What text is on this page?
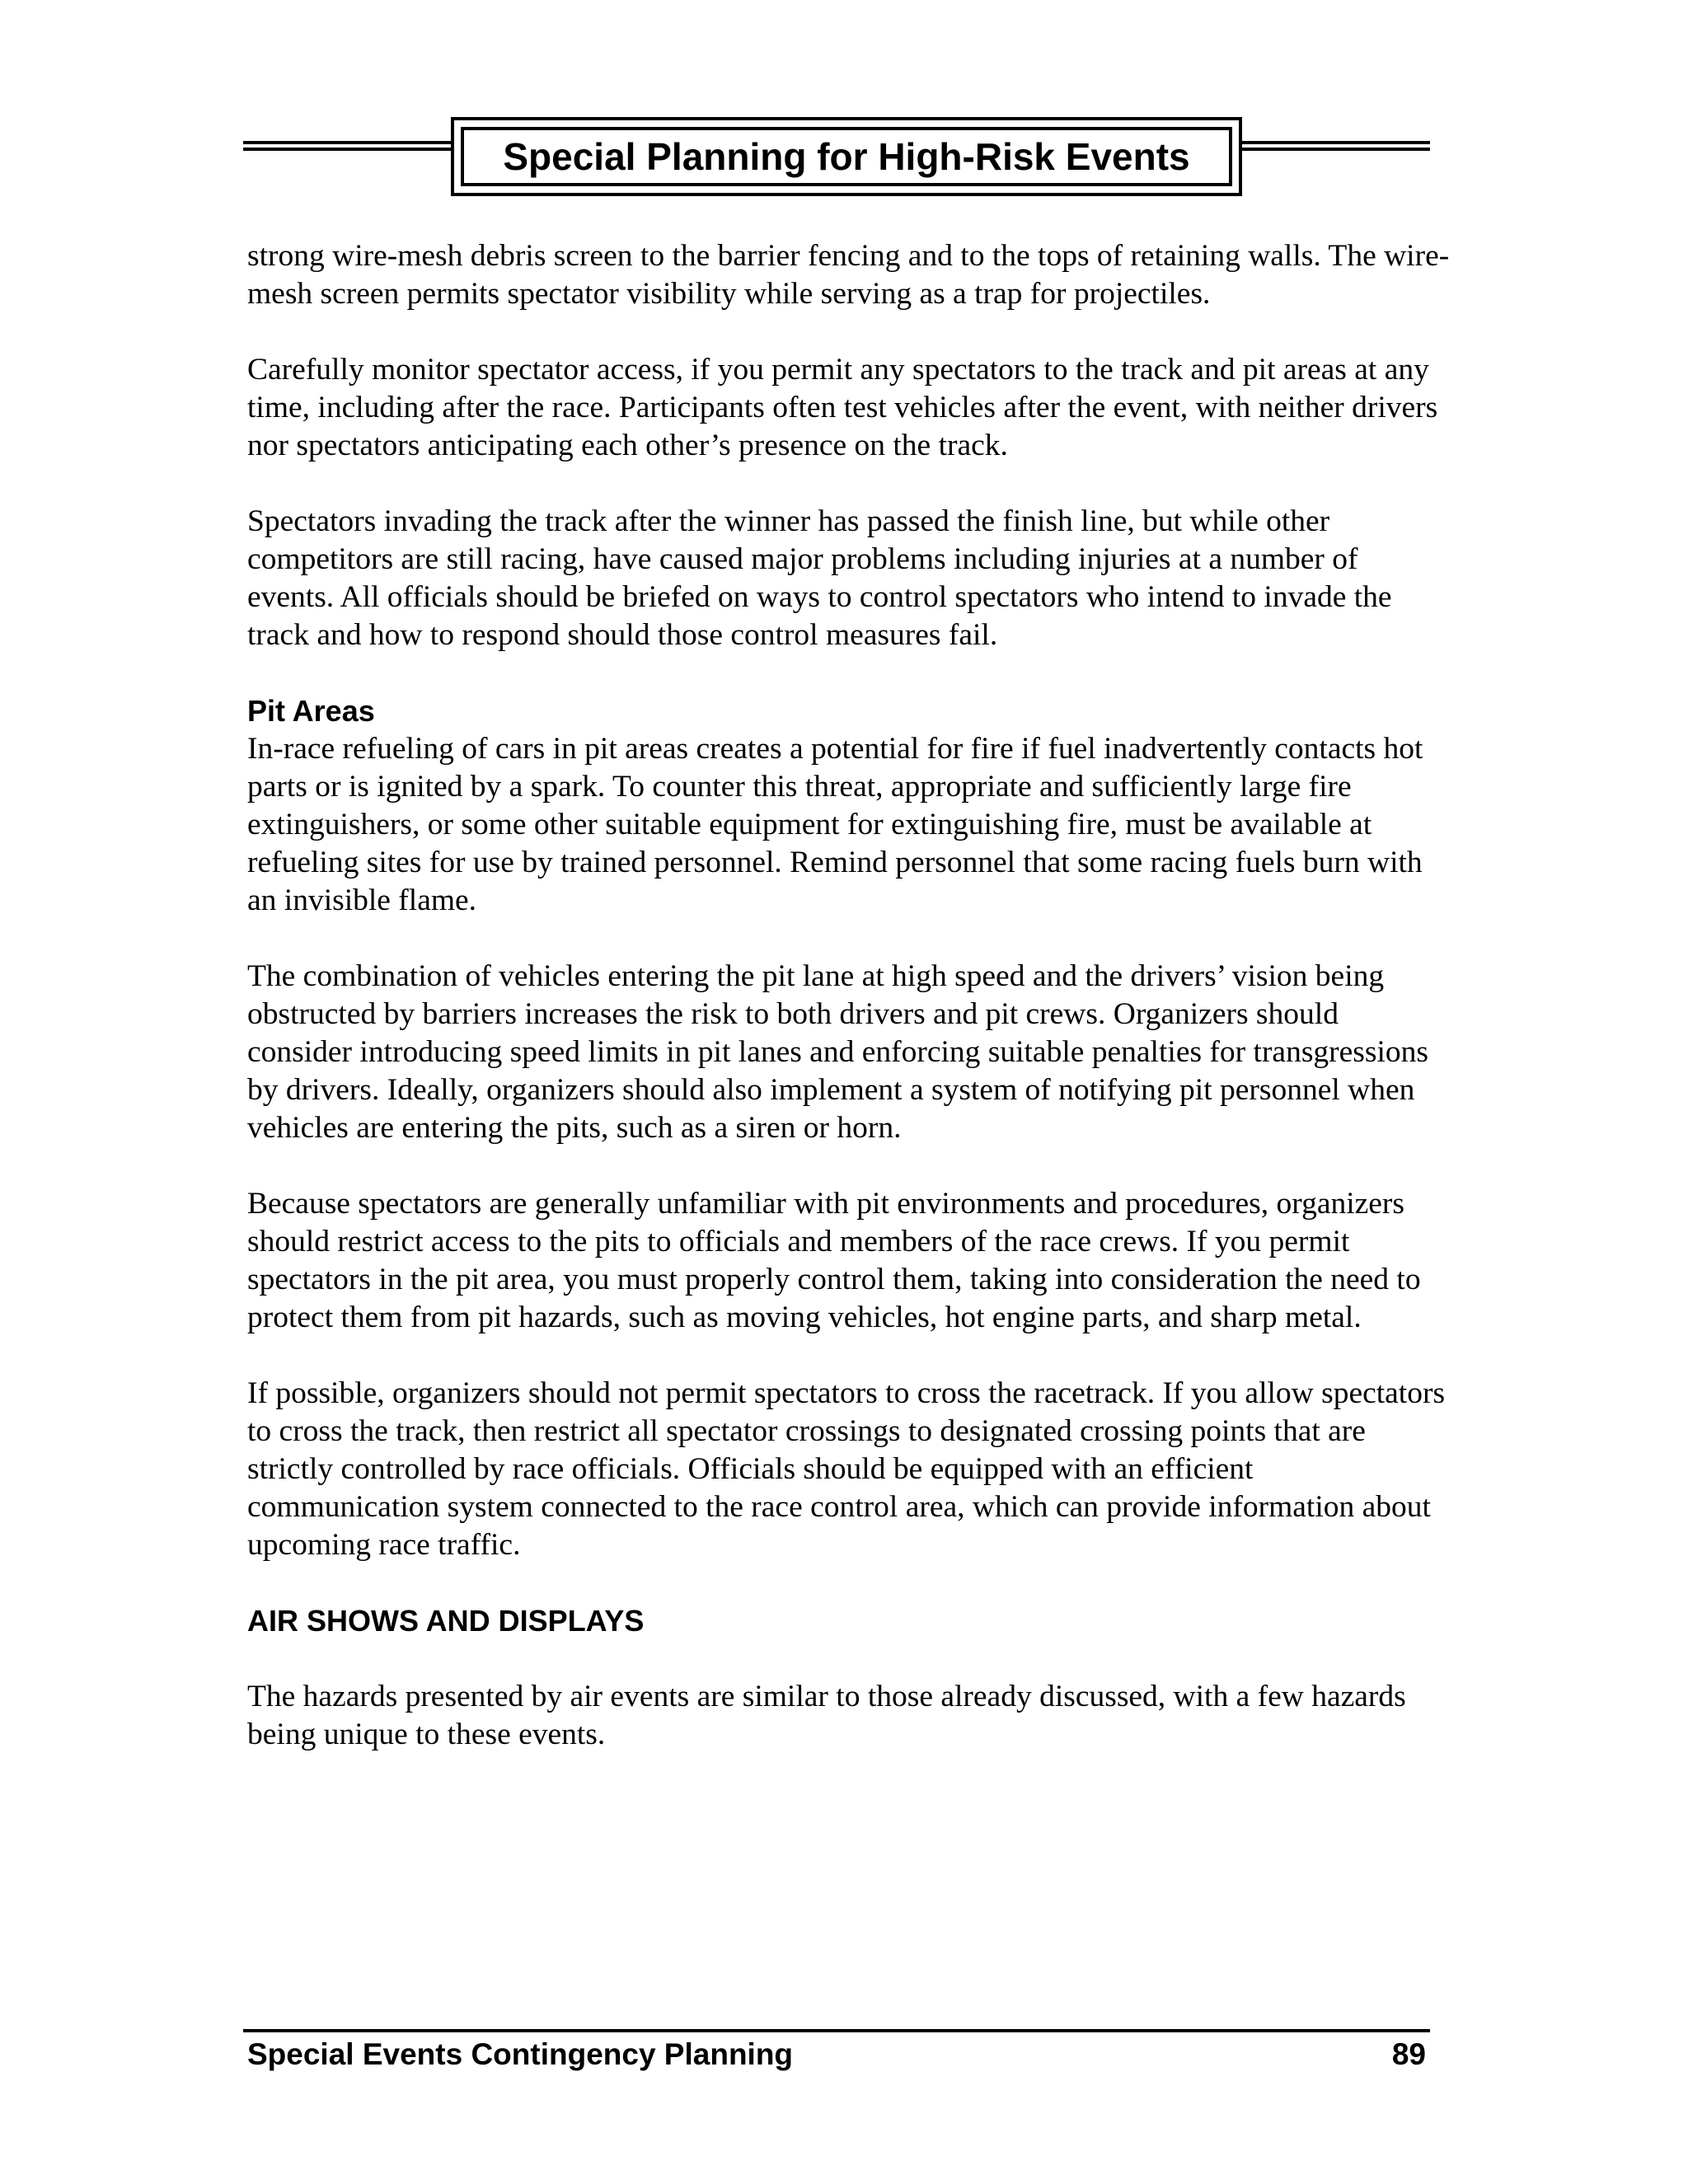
Special Planning for High-Risk Events

strong wire-mesh debris screen to the barrier fencing and to the tops of retaining walls. The wire-mesh screen permits spectator visibility while serving as a trap for projectiles.

Carefully monitor spectator access, if you permit any spectators to the track and pit areas at any time, including after the race. Participants often test vehicles after the event, with neither drivers nor spectators anticipating each other’s presence on the track.

Spectators invading the track after the winner has passed the finish line, but while other competitors are still racing, have caused major problems including injuries at a number of events. All officials should be briefed on ways to control spectators who intend to invade the track and how to respond should those control measures fail.

Pit Areas

In-race refueling of cars in pit areas creates a potential for fire if fuel inadvertently contacts hot parts or is ignited by a spark. To counter this threat, appropriate and sufficiently large fire extinguishers, or some other suitable equipment for extinguishing fire, must be available at refueling sites for use by trained personnel. Remind personnel that some racing fuels burn with an invisible flame.

The combination of vehicles entering the pit lane at high speed and the drivers’ vision being obstructed by barriers increases the risk to both drivers and pit crews. Organizers should consider introducing speed limits in pit lanes and enforcing suitable penalties for transgressions by drivers. Ideally, organizers should also implement a system of notifying pit personnel when vehicles are entering the pits, such as a siren or horn.

Because spectators are generally unfamiliar with pit environments and procedures, organizers should restrict access to the pits to officials and members of the race crews. If you permit spectators in the pit area, you must properly control them, taking into consideration the need to protect them from pit hazards, such as moving vehicles, hot engine parts, and sharp metal.

If possible, organizers should not permit spectators to cross the racetrack. If you allow spectators to cross the track, then restrict all spectator crossings to designated crossing points that are strictly controlled by race officials. Officials should be equipped with an efficient communication system connected to the race control area, which can provide information about upcoming race traffic.

AIR SHOWS AND DISPLAYS

The hazards presented by air events are similar to those already discussed, with a few hazards being unique to these events.

Special Events Contingency Planning	89
